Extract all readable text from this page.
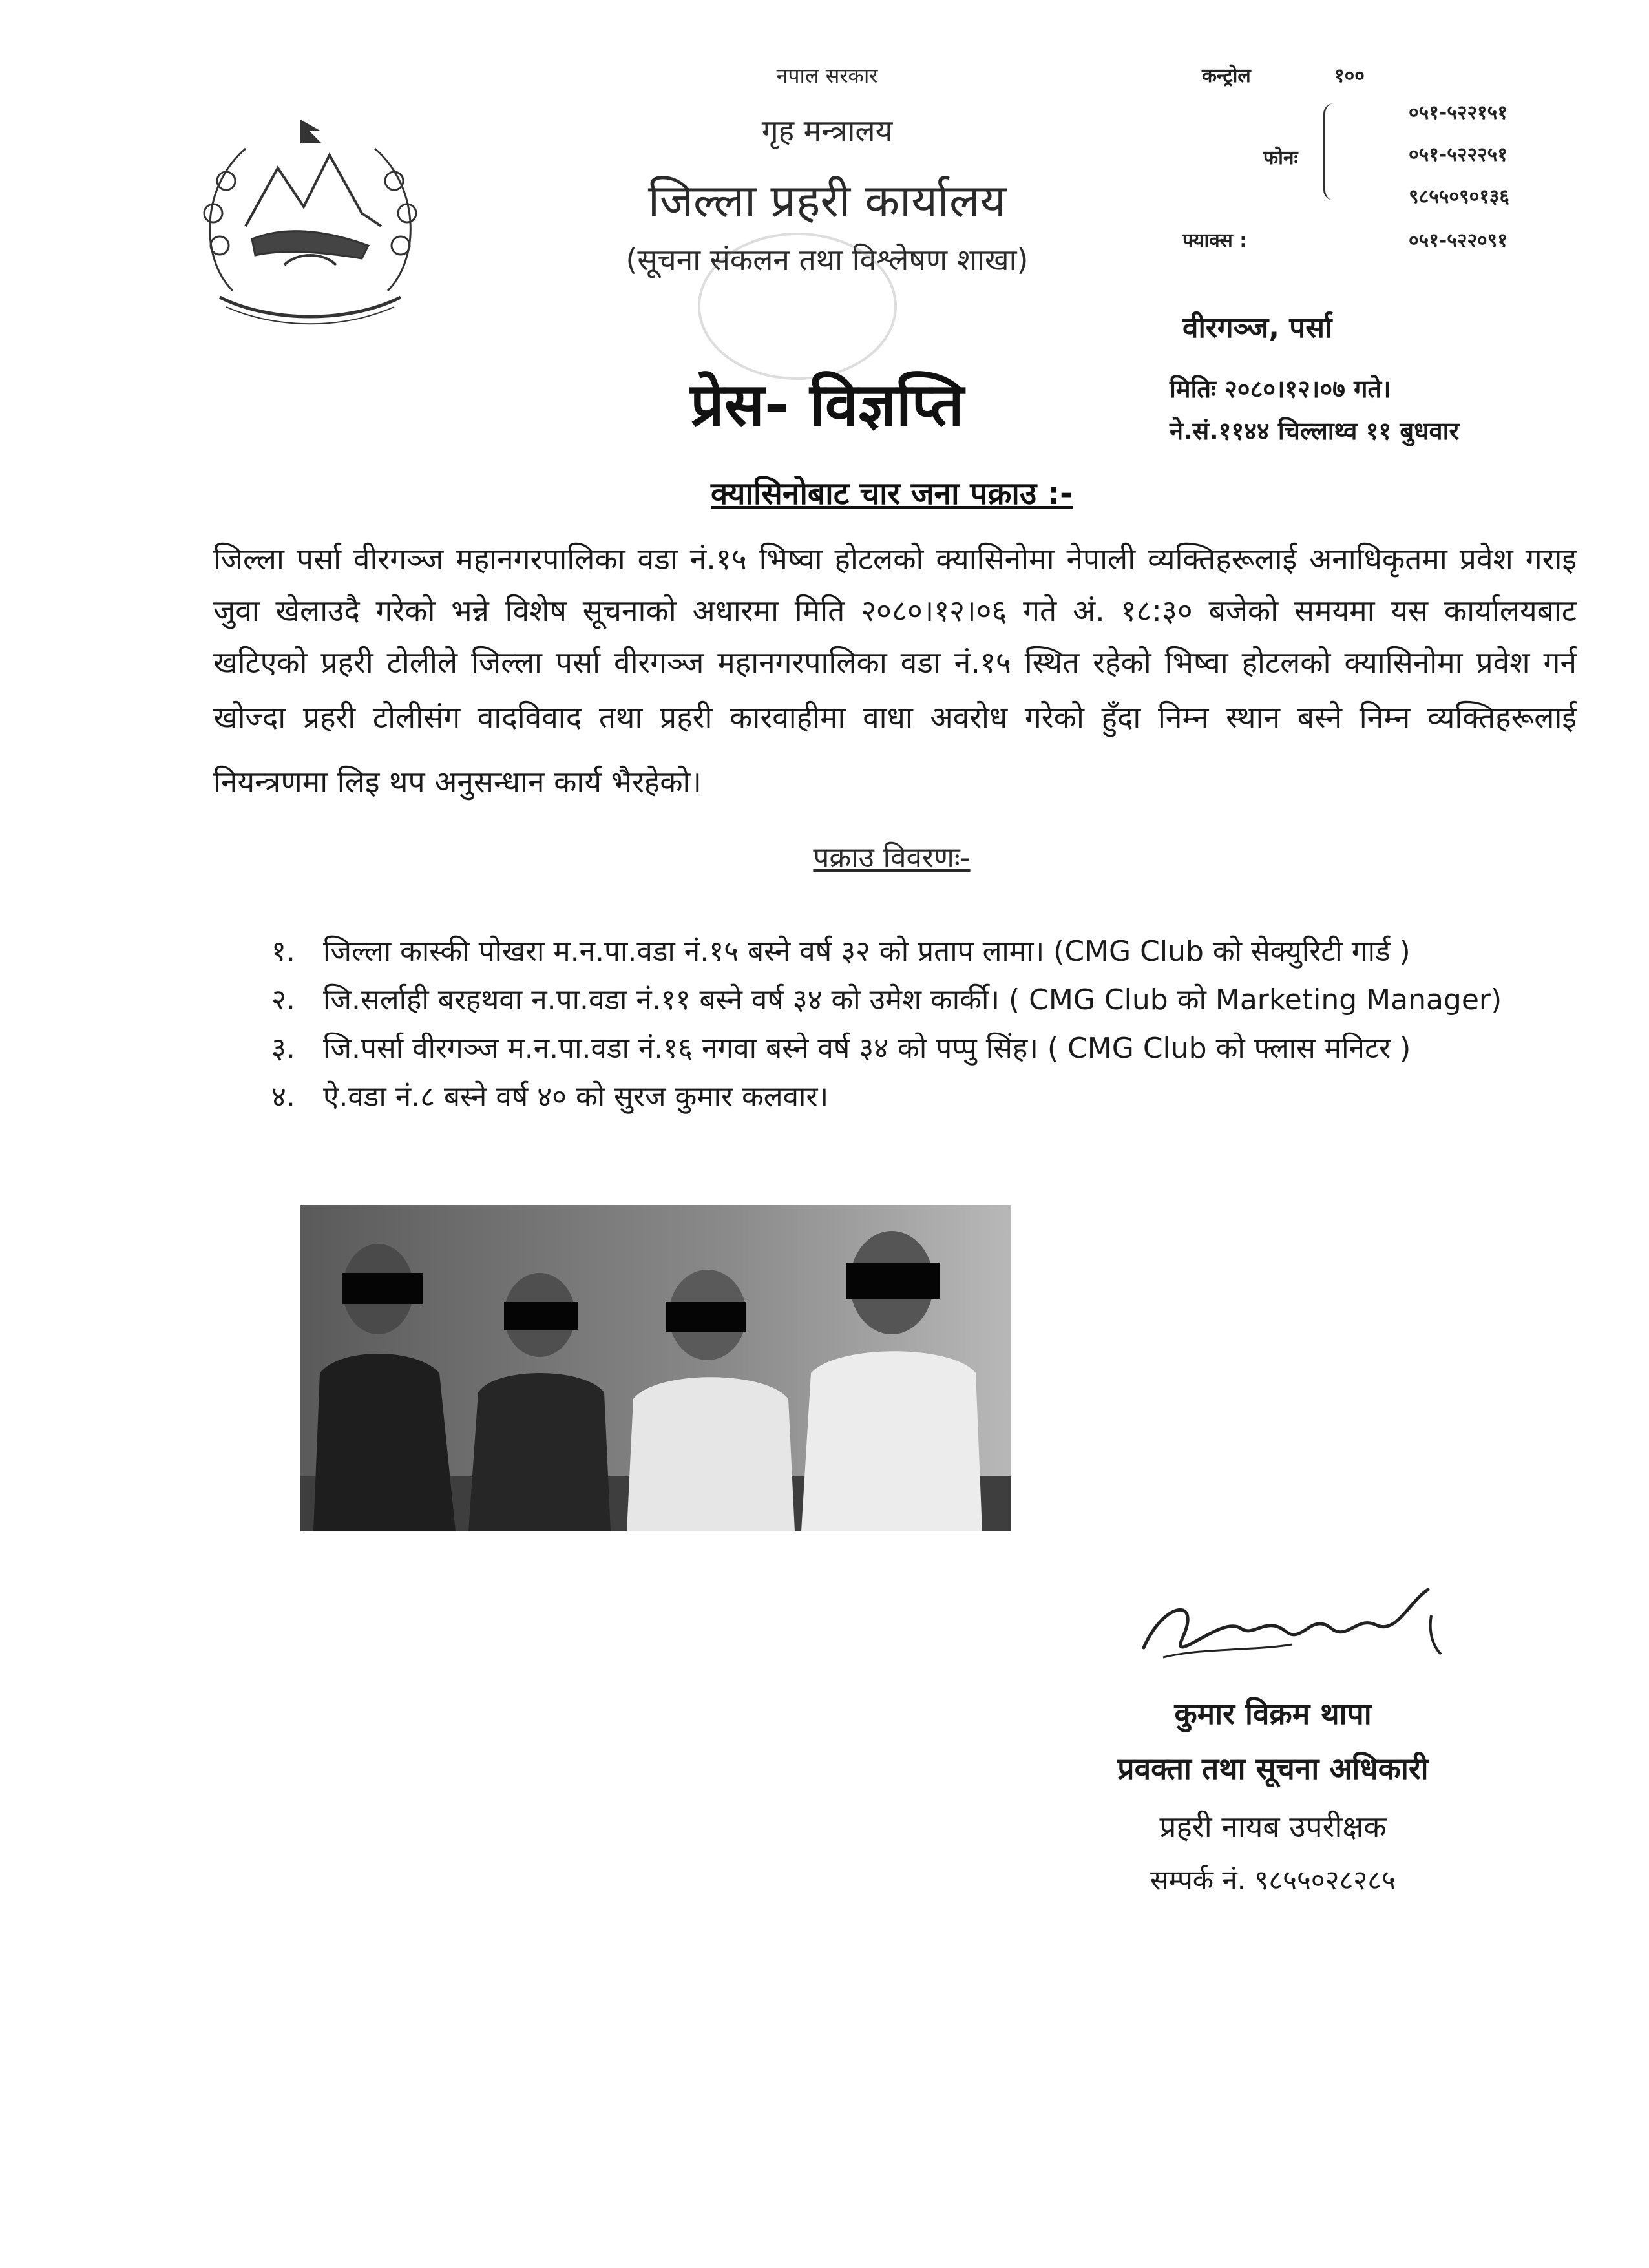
नपाल सरकार
गृह मन्त्रालय
जिल्ला प्रहरी कार्यालय
(सूचना संकलन तथा विश्लेषण शाखा)
कन्ट्रोल	१००
फोनः
०५१-५२२१५१
०५१-५२२२५१
९८५५०९०१३६
फ्याक्स :	०५१-५२२०९१
वीरगञ्ज, पर्सा
मितिः २०८०।१२।०७ गते।
ने.सं.११४४ चिल्लाथ्व ११ बुधवार
प्रेस- विज्ञप्ति
क्यासिनोबाट चार जना पक्राउ :-
जिल्ला पर्सा वीरगञ्ज महानगरपालिका वडा नं.१५ भिष्वा होटलको क्यासिनोमा नेपाली व्यक्तिहरूलाई अनाधिकृतमा प्रवेश गराइ
जुवा खेलाउदै गरेको भन्ने विशेष सूचनाको अधारमा मिति २०८०।१२।०६ गते अं. १८:३० बजेको समयमा यस कार्यालयबाट
खटिएको प्रहरी टोलीले जिल्ला पर्सा वीरगञ्ज महानगरपालिका वडा नं.१५ स्थित रहेको भिष्वा होटलको क्यासिनोमा प्रवेश गर्न
खोज्दा प्रहरी टोलीसंग वादविवाद तथा प्रहरी कारवाहीमा वाधा अवरोध गरेको हुँदा निम्न स्थान बस्ने निम्न व्यक्तिहरूलाई
नियन्त्रणमा लिइ थप अनुसन्धान कार्य भैरहेको।
पक्राउ विवरणः-
१. जिल्ला कास्की पोखरा म.न.पा.वडा नं.१५ बस्ने वर्ष ३२ को प्रताप लामा। (CMG Club को सेक्युरिटी गार्ड )
२. जि.सर्लाही बरहथवा न.पा.वडा नं.११ बस्ने वर्ष ३४ को उमेश कार्की। ( CMG Club को Marketing Manager)
३. जि.पर्सा वीरगञ्ज म.न.पा.वडा नं.१६ नगवा बस्ने वर्ष ३४ को पप्पु सिंह। ( CMG Club को फ्लास मनिटर )
४. ऐ.वडा नं.८ बस्ने वर्ष ४० को सुरज कुमार कलवार।
कुमार विक्रम थापा
प्रवक्ता तथा सूचना अधिकारी
प्रहरी नायब उपरीक्षक
सम्पर्क नं. ९८५५०२८२८५
